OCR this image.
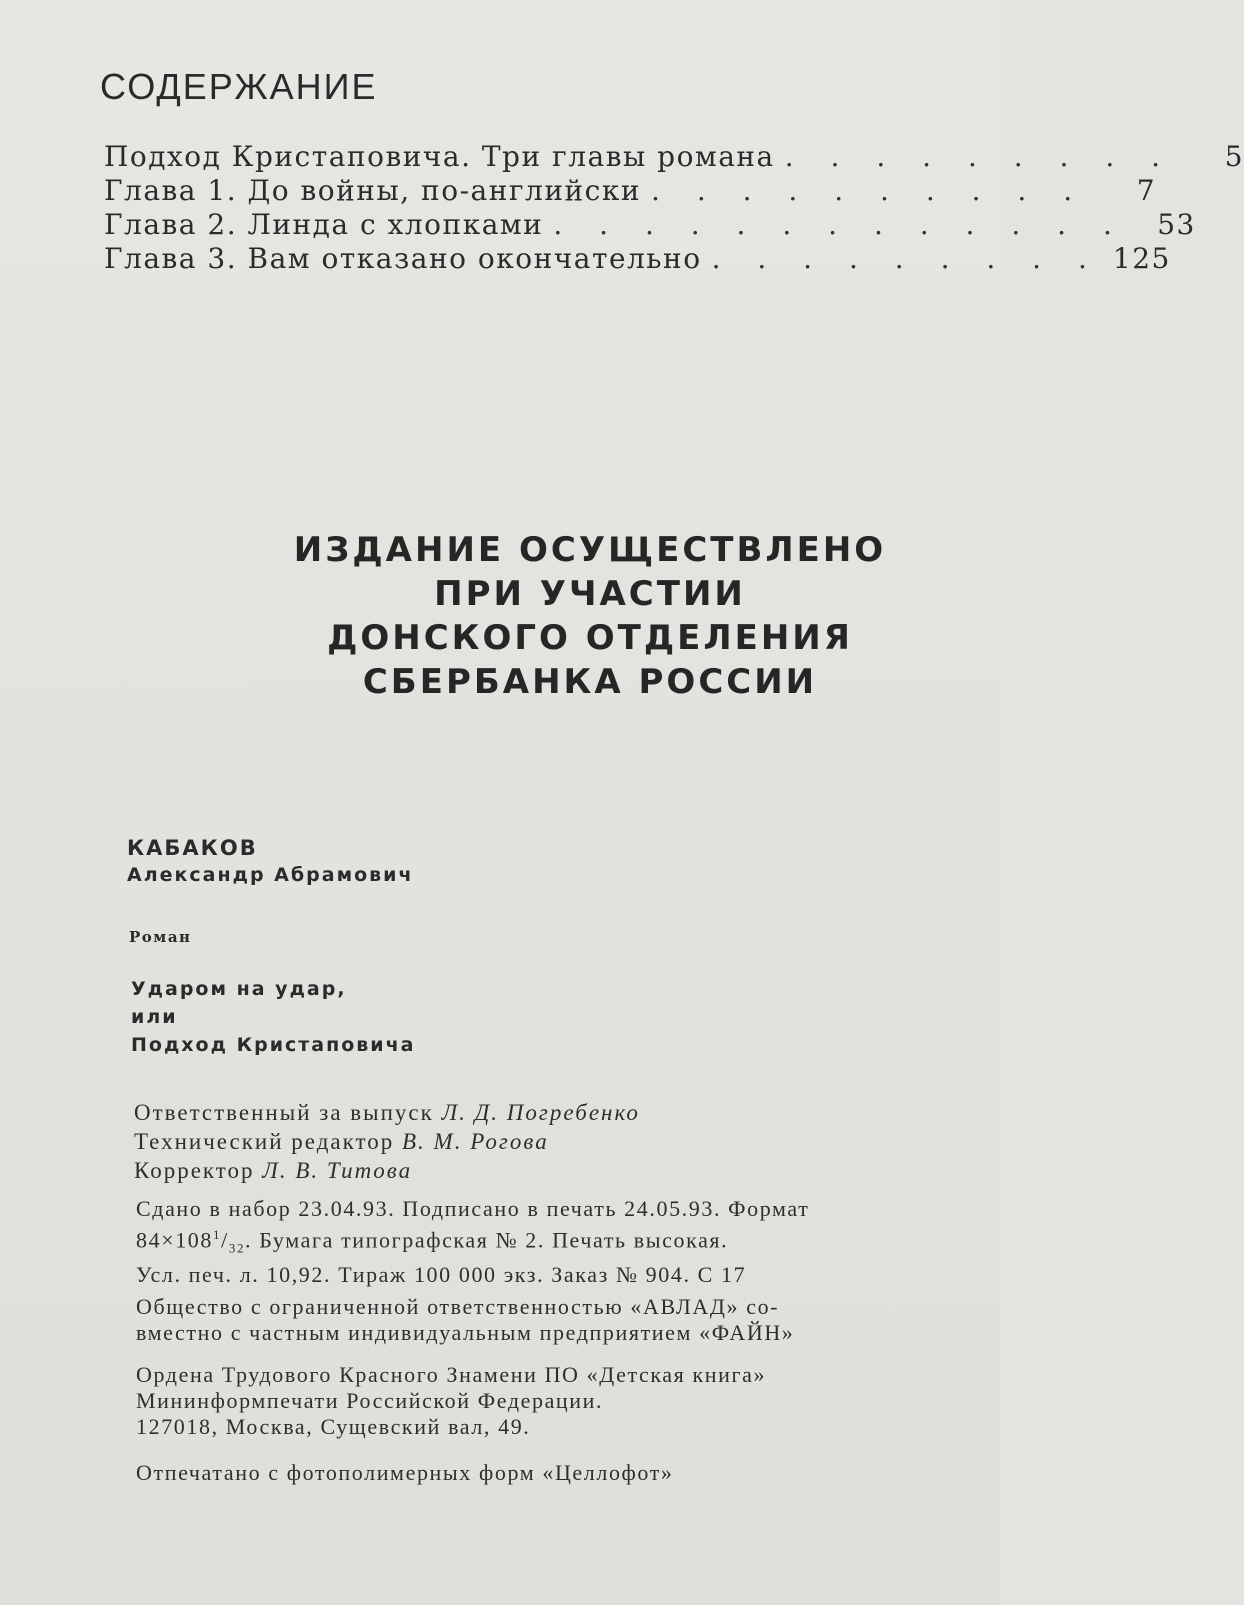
СОДЕРЖАНИЕ
Подход Кристаповича. Три главы романа . . . . . . . . .	5
Глава 1. До войны, по-английски . . . . . . . . . .	7
Глава 2. Линда с хлопками . . . . . . . . . . . . .	53
Глава 3. Вам отказано окончательно . . . . . . . . . 125
ИЗДАНИЕ ОСУЩЕСТВЛЕНО
ПРИ УЧАСТИИ
ДОНСКОГО ОТДЕЛЕНИЯ
СБЕРБАНКА РОССИИ
КАБАКОВ
Александр Абрамович
Роман
Ударом на удар,
или
Подход Кристаповича
Ответственный за выпуск Л. Д. Погребенко
Технический редактор В. М. Рогова
Корректор Л. В. Титова
Сдано в набор 23.04.93. Подписано в печать 24.05.93. Формат
$84\times 108^1/_{32}$. Бумага типографская № 2. Печать высокая.
Усл. печ. л. 10,92. Тираж 100 000 экз. Заказ № 904. С 17
Общество с ограниченной ответственностью «АВЛАД» со-
вместно с частным индивидуальным предприятием «ФАЙН»
Ордена Трудового Красного Знамени ПО «Детская книга»
Мининформпечати Российской Федерации.
127018, Москва, Сущевский вал, 49.
Отпечатано с фотополимерных форм «Целлофот»
